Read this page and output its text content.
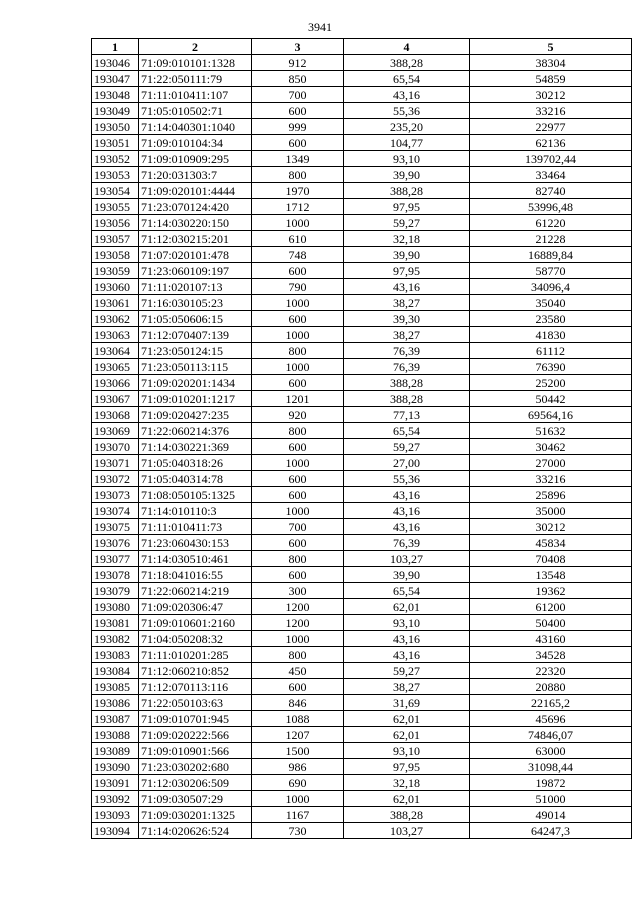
3941
1	2	3	4	5
193046	71:09:010101:1328	912	388,28	38304
193047	71:22:050111:79	850	65,54	54859
193048	71:11:010411:107	700	43,16	30212
193049	71:05:010502:71	600	55,36	33216
193050	71:14:040301:1040	999	235,20	22977
193051	71:09:010104:34	600	104,77	62136
193052	71:09:010909:295	1349	93,10	139702,44
193053	71:20:031303:7	800	39,90	33464
193054	71:09:020101:4444	1970	388,28	82740
193055	71:23:070124:420	1712	97,95	53996,48
193056	71:14:030220:150	1000	59,27	61220
193057	71:12:030215:201	610	32,18	21228
193058	71:07:020101:478	748	39,90	16889,84
193059	71:23:060109:197	600	97,95	58770
193060	71:11:020107:13	790	43,16	34096,4
193061	71:16:030105:23	1000	38,27	35040
193062	71:05:050606:15	600	39,30	23580
193063	71:12:070407:139	1000	38,27	41830
193064	71:23:050124:15	800	76,39	61112
193065	71:23:050113:115	1000	76,39	76390
193066	71:09:020201:1434	600	388,28	25200
193067	71:09:010201:1217	1201	388,28	50442
193068	71:09:020427:235	920	77,13	69564,16
193069	71:22:060214:376	800	65,54	51632
193070	71:14:030221:369	600	59,27	30462
193071	71:05:040318:26	1000	27,00	27000
193072	71:05:040314:78	600	55,36	33216
193073	71:08:050105:1325	600	43,16	25896
193074	71:14:010110:3	1000	43,16	35000
193075	71:11:010411:73	700	43,16	30212
193076	71:23:060430:153	600	76,39	45834
193077	71:14:030510:461	800	103,27	70408
193078	71:18:041016:55	600	39,90	13548
193079	71:22:060214:219	300	65,54	19362
193080	71:09:020306:47	1200	62,01	61200
193081	71:09:010601:2160	1200	93,10	50400
193082	71:04:050208:32	1000	43,16	43160
193083	71:11:010201:285	800	43,16	34528
193084	71:12:060210:852	450	59,27	22320
193085	71:12:070113:116	600	38,27	20880
193086	71:22:050103:63	846	31,69	22165,2
193087	71:09:010701:945	1088	62,01	45696
193088	71:09:020222:566	1207	62,01	74846,07
193089	71:09:010901:566	1500	93,10	63000
193090	71:23:030202:680	986	97,95	31098,44
193091	71:12:030206:509	690	32,18	19872
193092	71:09:030507:29	1000	62,01	51000
193093	71:09:030201:1325	1167	388,28	49014
193094	71:14:020626:524	730	103,27	64247,3
